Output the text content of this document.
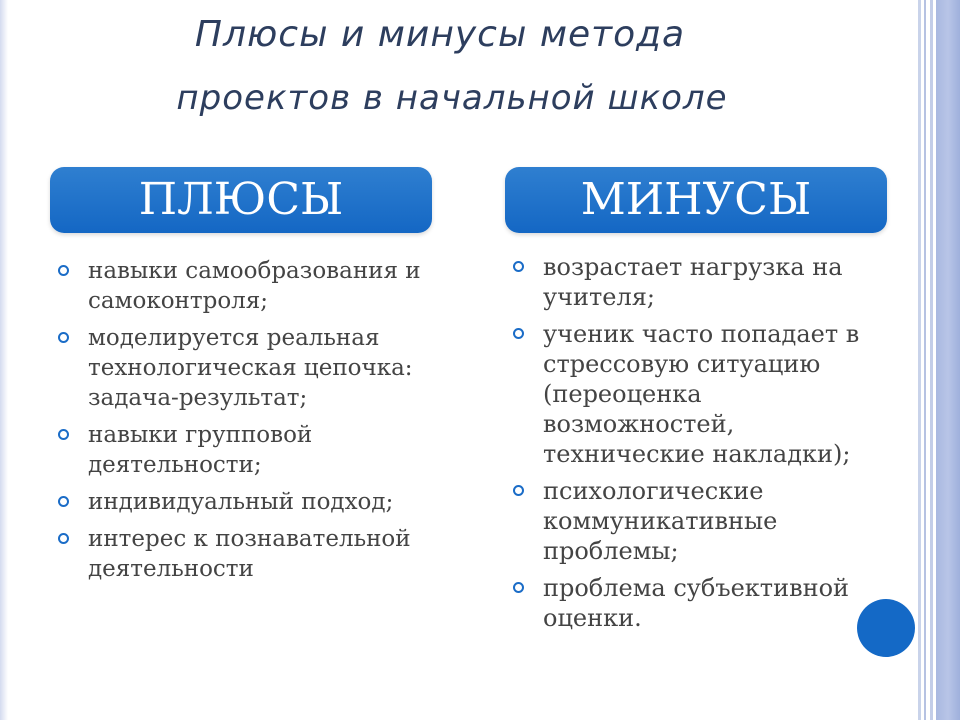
Плюсы и минусы метода
проектов в начальной школе
ПЛЮСЫ	МИНУСЫ
навыки самообразования и самоконтроля;
моделируется реальная технологическая цепочка: задача-результат;
навыки групповой деятельности;
индивидуальный подход;
интерес к познавательной деятельности
возрастает нагрузка на учителя;
ученик часто попадает в стрессовую ситуацию (переоценка возможностей, технические накладки);
психологические коммуникативные проблемы;
проблема субъективной оценки.
